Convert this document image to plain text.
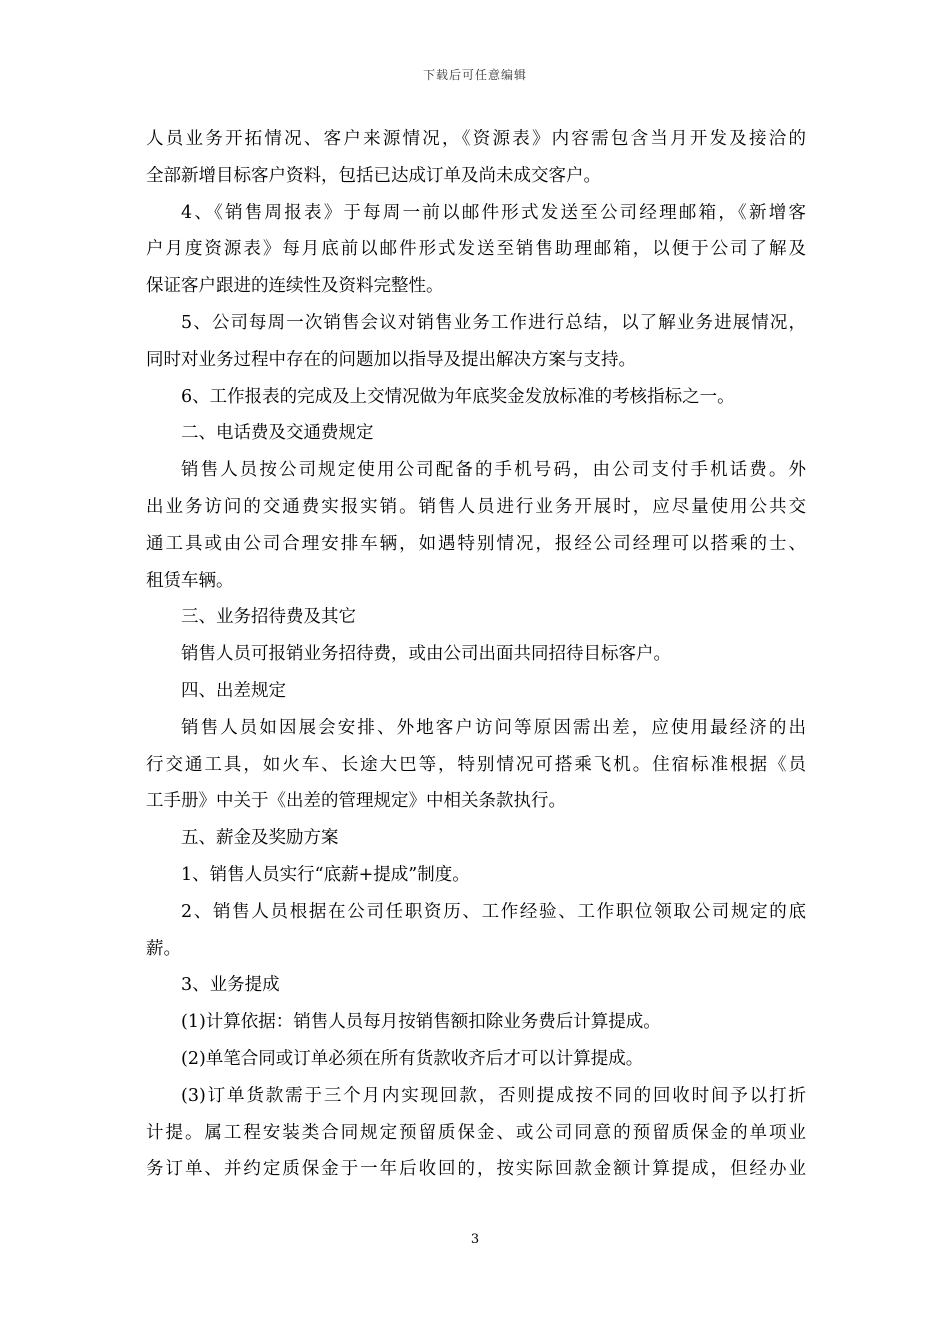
下载后可任意编辑
人员业务开拓情况、客户来源情况，《资源表》内容需包含当月开发及接洽的
全部新增目标客户资料，包括已达成订单及尚未成交客户。
4、《销售周报表》于每周一前以邮件形式发送至公司经理邮箱，《新增客
户月度资源表》每月底前以邮件形式发送至销售助理邮箱，以便于公司了解及
保证客户跟进的连续性及资料完整性。
5、公司每周一次销售会议对销售业务工作进行总结，以了解业务进展情况，
同时对业务过程中存在的问题加以指导及提出解决方案与支持。
6、工作报表的完成及上交情况做为年底奖金发放标准的考核指标之一。
二、电话费及交通费规定
销售人员按公司规定使用公司配备的手机号码，由公司支付手机话费。外
出业务访问的交通费实报实销。销售人员进行业务开展时，应尽量使用公共交
通工具或由公司合理安排车辆，如遇特别情况，报经公司经理可以搭乘的士、
租赁车辆。
三、业务招待费及其它
销售人员可报销业务招待费，或由公司出面共同招待目标客户。
四、出差规定
销售人员如因展会安排、外地客户访问等原因需出差，应使用最经济的出
行交通工具，如火车、长途大巴等，特别情况可搭乘飞机。住宿标准根据《员
工手册》中关于《出差的管理规定》中相关条款执行。
五、薪金及奖励方案
1、销售人员实行“底薪+提成”制度。
2、销售人员根据在公司任职资历、工作经验、工作职位领取公司规定的底
薪。
3、业务提成
(1)计算依据：销售人员每月按销售额扣除业务费后计算提成。
(2)单笔合同或订单必须在所有货款收齐后才可以计算提成。
(3)订单货款需于三个月内实现回款，否则提成按不同的回收时间予以打折
计提。属工程安装类合同规定预留质保金、或公司同意的预留质保金的单项业
务订单、并约定质保金于一年后收回的，按实际回款金额计算提成，但经办业
3
